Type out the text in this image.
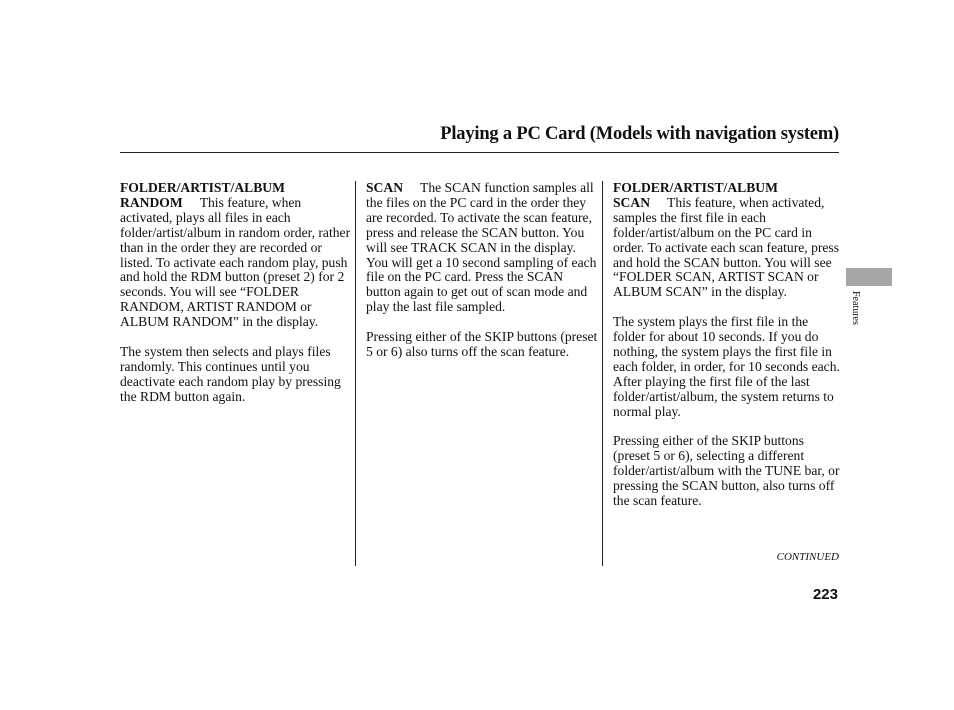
Playing a PC Card (Models with navigation system)

FOLDER/ARTIST/ALBUM RANDOM This feature, when activated, plays all files in each folder/artist/album in random order, rather than in the order they are recorded or listed. To activate each random play, push and hold the RDM button (preset 2) for 2 seconds. You will see “FOLDER RANDOM, ARTIST RANDOM or ALBUM RANDOM” in the display.

The system then selects and plays files randomly. This continues until you deactivate each random play by pressing the RDM button again.

SCAN The SCAN function samples all the files on the PC card in the order they are recorded. To activate the scan feature, press and release the SCAN button. You will see TRACK SCAN in the display. You will get a 10 second sampling of each file on the PC card. Press the SCAN button again to get out of scan mode and play the last file sampled.

Pressing either of the SKIP buttons (preset 5 or 6) also turns off the scan feature.

FOLDER/ARTIST/ALBUM SCAN This feature, when activated, samples the first file in each folder/artist/album on the PC card in order. To activate each scan feature, press and hold the SCAN button. You will see “FOLDER SCAN, ARTIST SCAN or ALBUM SCAN” in the display.

The system plays the first file in the folder for about 10 seconds. If you do nothing, the system plays the first file in each folder, in order, for 10 seconds each. After playing the first file of the last folder/artist/album, the system returns to normal play.

Pressing either of the SKIP buttons (preset 5 or 6), selecting a different folder/artist/album with the TUNE bar, or pressing the SCAN button, also turns off the scan feature.

Features
CONTINUED
223
